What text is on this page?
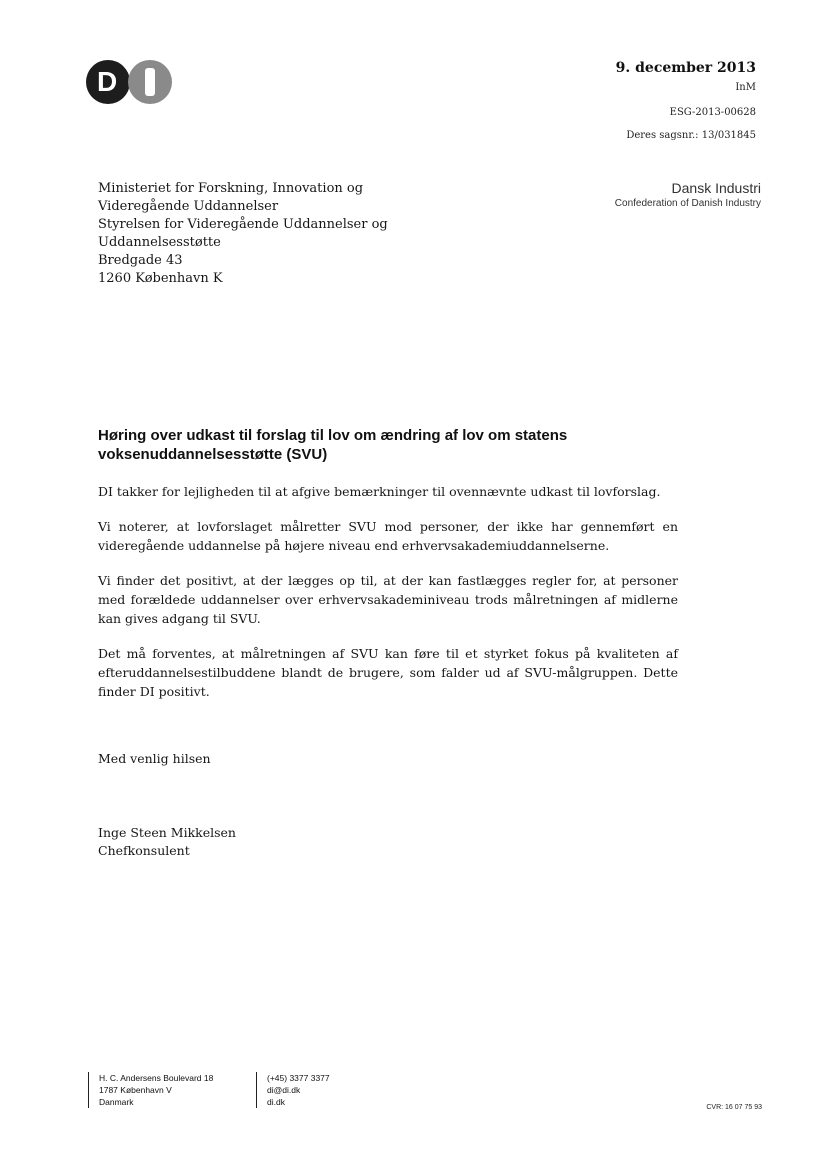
D	9. december 2013
InM
ESG-2013-00628
Deres sagsnr.: 13/031845
Dansk Industri
Confederation of Danish Industry
Ministeriet for Forskning, Innovation og
Videregående Uddannelser
Styrelsen for Videregående Uddannelser og
Uddannelsesstøtte
Bredgade 43
1260 København K
Høring over udkast til forslag til lov om ændring af lov om statens voksenuddannelsesstøtte (SVU)

DI takker for lejligheden til at afgive bemærkninger til ovennævnte udkast til lovforslag.

Vi noterer, at lovforslaget målretter SVU mod personer, der ikke har gennemført en videregående uddannelse på højere niveau end erhvervsakademiuddannelserne.

Vi finder det positivt, at der lægges op til, at der kan fastlægges regler for, at personer med forældede uddannelser over erhvervsakademiniveau trods målretningen af midlerne kan gives adgang til SVU.

Det må forventes, at målretningen af SVU kan føre til et styrket fokus på kvaliteten af efteruddannelsestilbuddene blandt de brugere, som falder ud af SVU-målgruppen. Dette finder DI positivt.

Med venlig hilsen
Inge Steen Mikkelsen
Chefkonsulent
H. C. Andersens Boulevard 18
1787 København V
Danmark
(+45) 3377 3377
di@di.dk
di.dk
CVR: 16 07 75 93
